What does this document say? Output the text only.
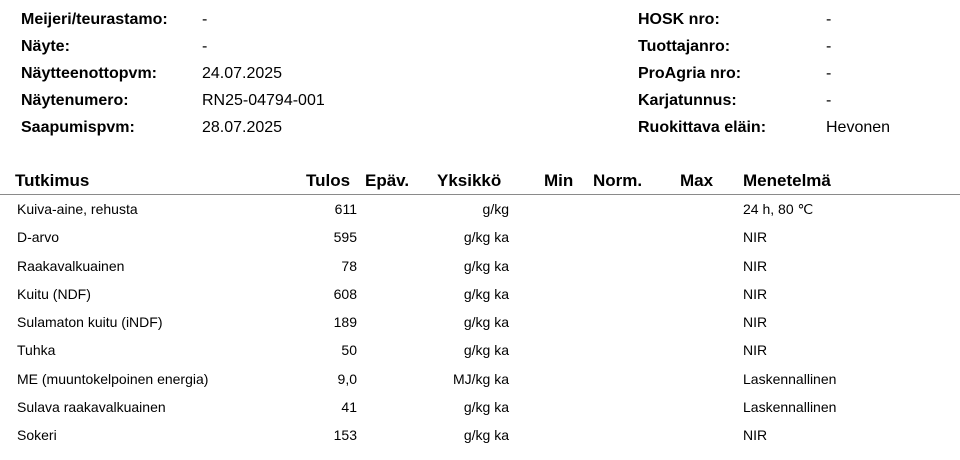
Meijeri/teurastamo: -
Näyte:	-
Näytteenottopvm:	24.07.2025
Näytenumero:	RN25-04794-001
Saapumispvm:	28.07.2025
HOSK nro:	-
Tuottajanro:	-
ProAgria nro:	-
Karjatunnus:	-
Ruokittava eläin:	Hevonen
Tutkimus	Tulos Epäv. Yksikkö	Min Norm. Max Menetelmä
Kuiva-aine, rehusta	611	g/kg	24 h, 80 ℃
D-arvo	595	g/kg ka	NIR
Raakavalkuainen	78	g/kg ka	NIR
Kuitu (NDF)	608	g/kg ka	NIR
Sulamaton kuitu (iNDF)	189	g/kg ka	NIR
Tuhka	50	g/kg ka	NIR
ME (muuntokelpoinen energia)	9,0	MJ/kg ka	Laskennallinen
Sulava raakavalkuainen	41	g/kg ka	Laskennallinen
Sokeri	153	g/kg ka	NIR
